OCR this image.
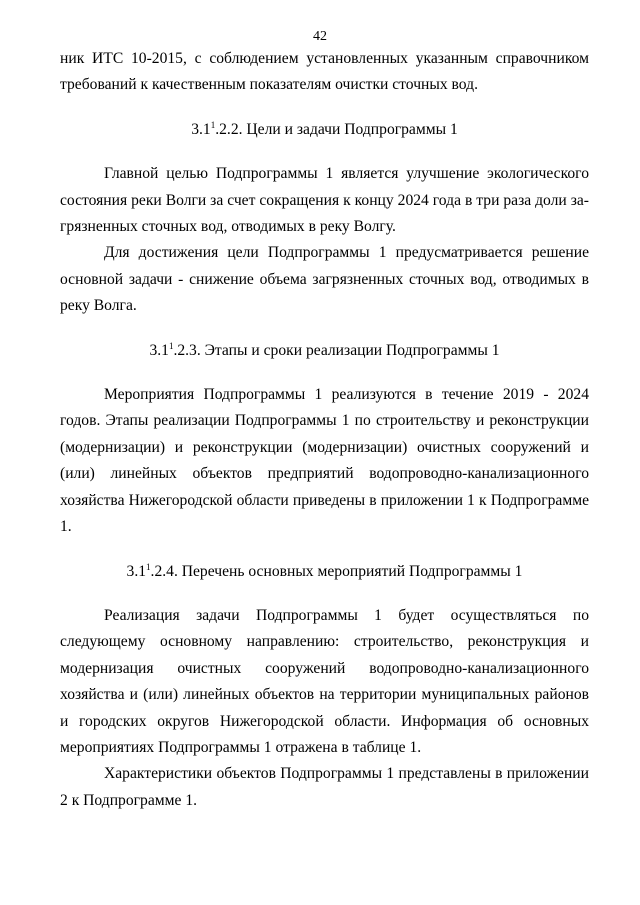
42

ник ИТС 10-2015, с соблюдением установленных указанным справочником требований к качественным показателям очистки сточных вод.

$3.1^1.2.2$. Цели и задачи Подпрограммы 1

Главной целью Подпрограммы 1 является улучшение экологического состояния реки Волги за счет сокращения к концу 2024 года в три раза доли загрязненных сточных вод, отводимых в реку Волгу.

Для достижения цели Подпрограммы 1 предусматривается решение основной задачи - снижение объема загрязненных сточных вод, отводимых в реку Волга.

$3.1^1.2.3$. Этапы и сроки реализации Подпрограммы 1

Мероприятия Подпрограммы 1 реализуются в течение 2019 - 2024 годов. Этапы реализации Подпрограммы 1 по строительству и реконструкции (модернизации) и реконструкции (модернизации) очистных сооружений и (или) линейных объектов предприятий водопроводно-канализационного хозяйства Нижегородской области приведены в приложении 1 к Подпрограмме 1.

$3.1^1.2.4$. Перечень основных мероприятий Подпрограммы 1

Реализация задачи Подпрограммы 1 будет осуществляться по следующему основному направлению: строительство, реконструкция и модернизация очистных сооружений водопроводно-канализационного хозяйства и (или) линейных объектов на территории муниципальных районов и городских округов Нижегородской области. Информация об основных мероприятиях Подпрограммы 1 отражена в таблице 1.

Характеристики объектов Подпрограммы 1 представлены в приложении 2 к Подпрограмме 1.
